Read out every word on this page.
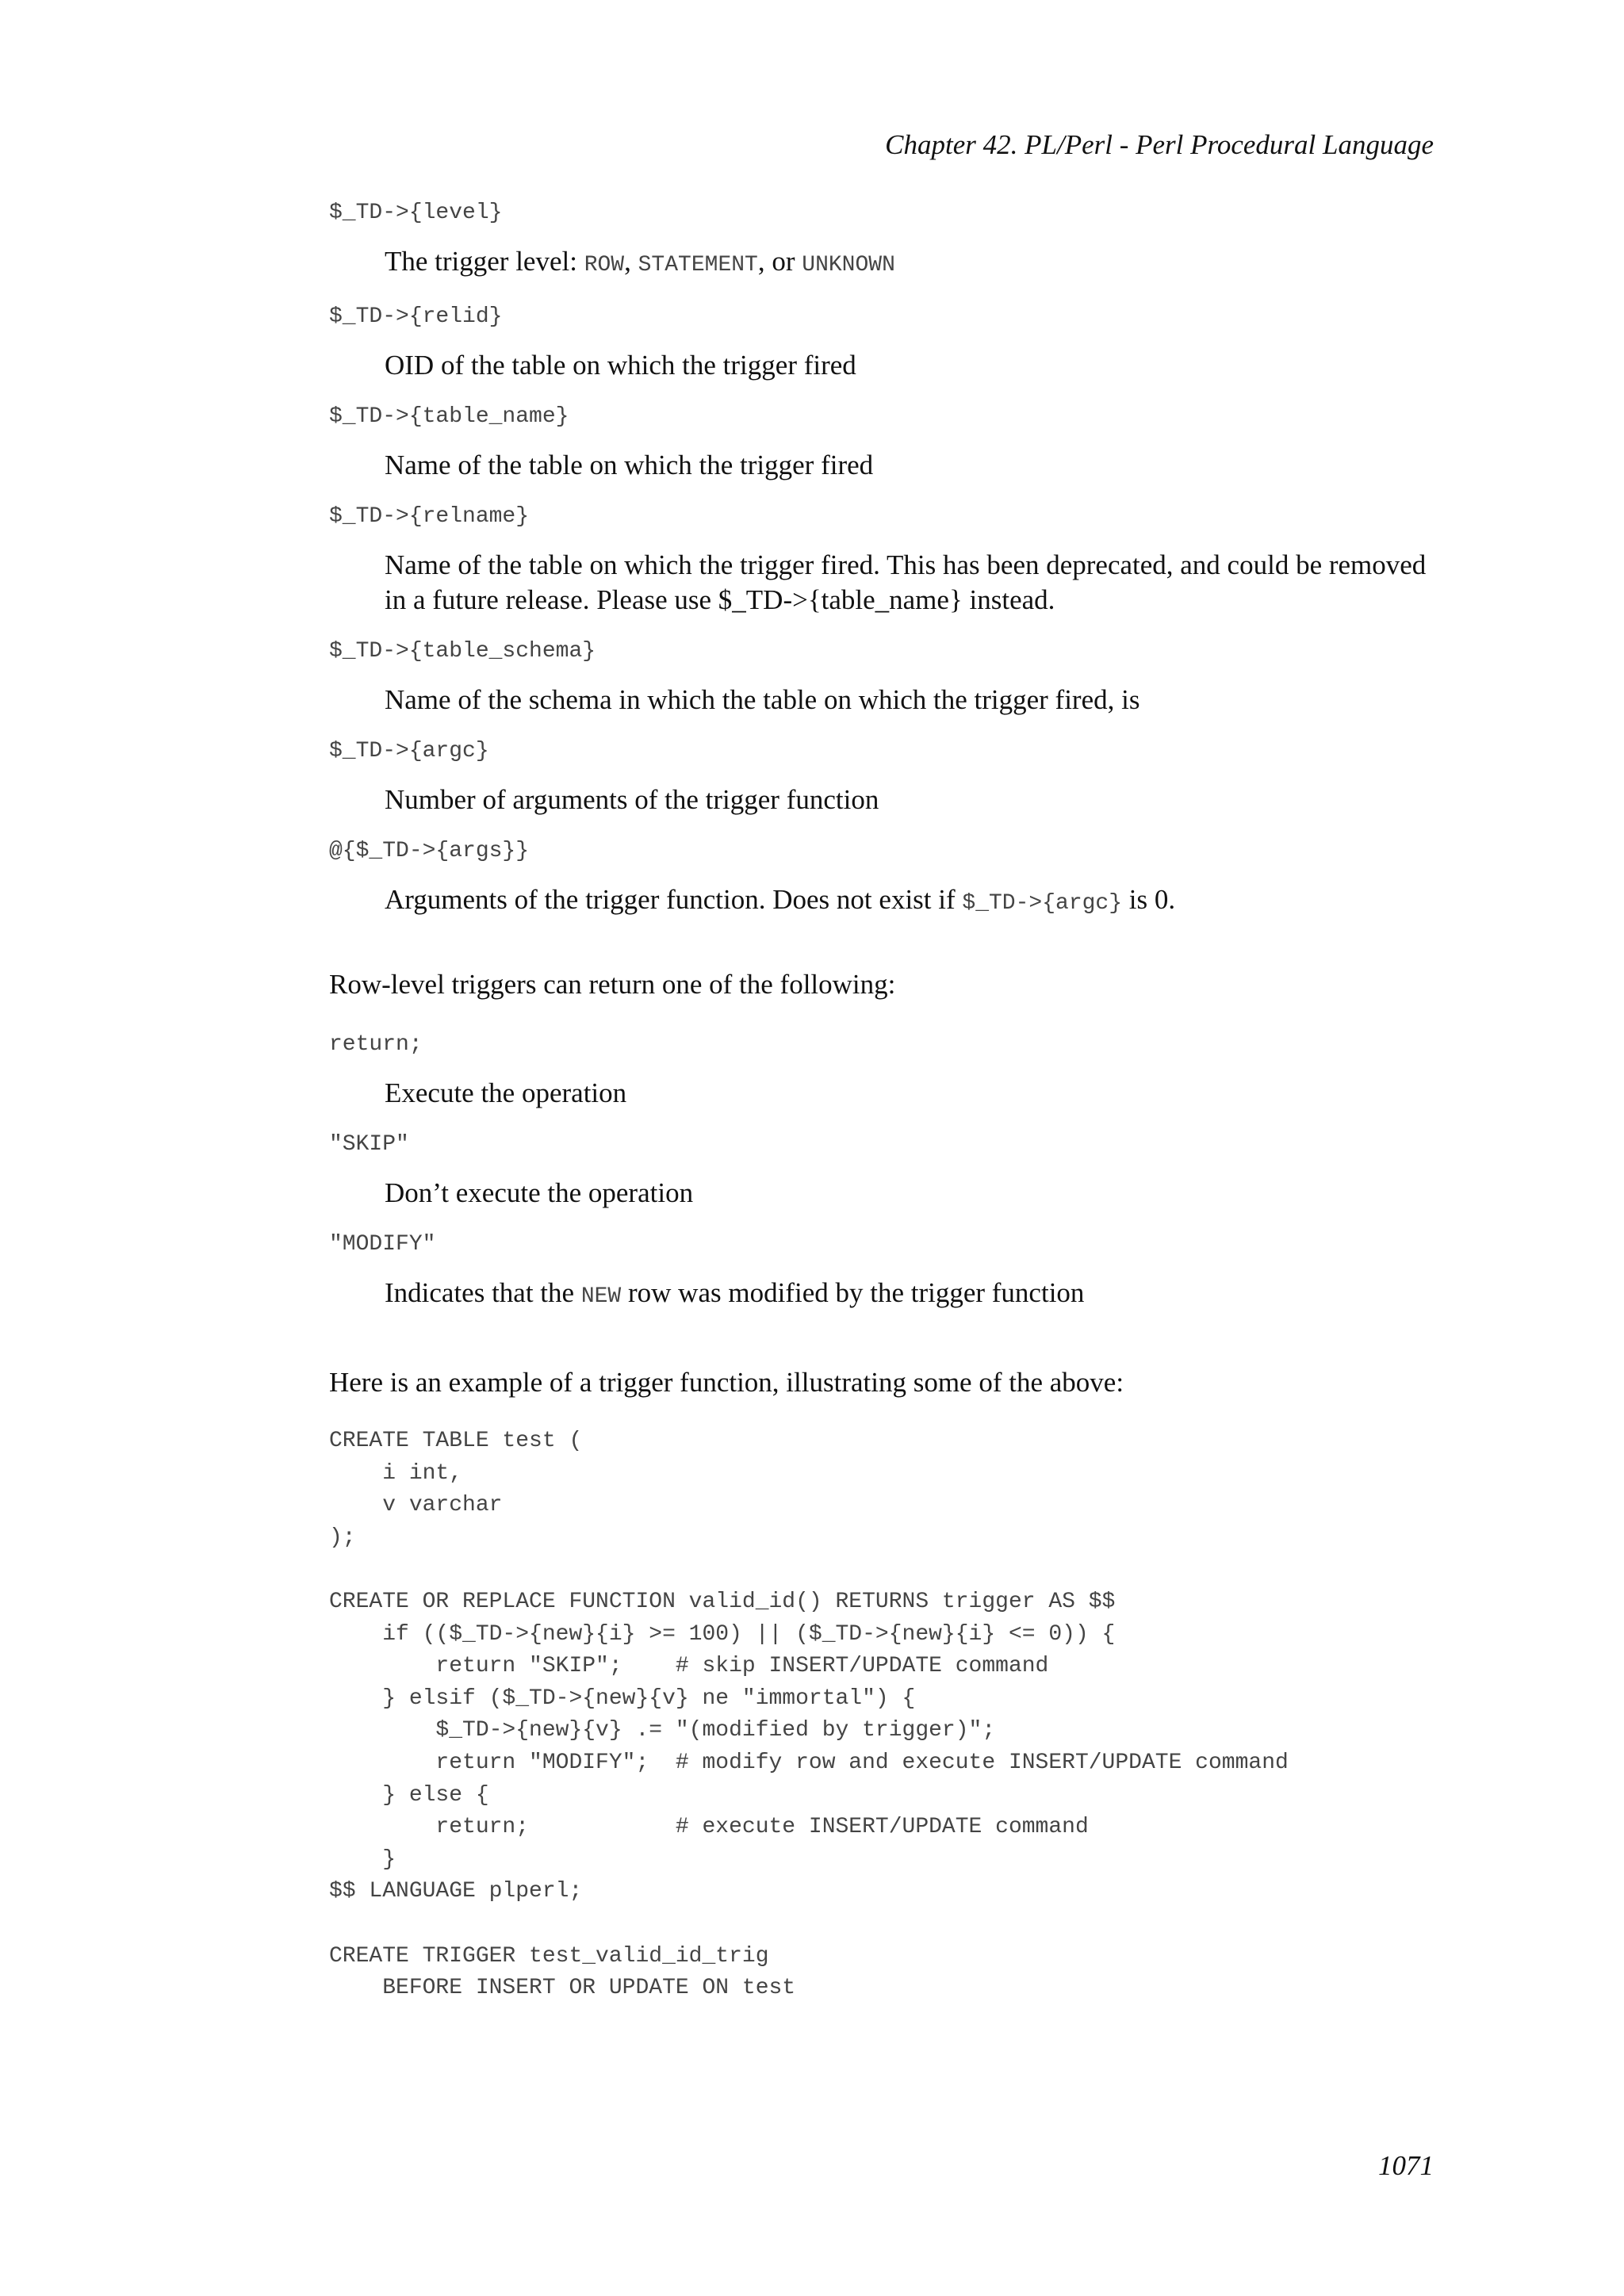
Chapter 42. PL/Perl - Perl Procedural Language
$_TD->{level}
The trigger level: ROW, STATEMENT, or UNKNOWN
$_TD->{relid}
OID of the table on which the trigger fired
$_TD->{table_name}
Name of the table on which the trigger fired
$_TD->{relname}
Name of the table on which the trigger fired. This has been deprecated, and could be removed in a future release. Please use $_TD->{table_name} instead.
$_TD->{table_schema}
Name of the schema in which the table on which the trigger fired, is
$_TD->{argc}
Number of arguments of the trigger function
@{$_TD->{args}}
Arguments of the trigger function. Does not exist if $_TD->{argc} is 0.
Row-level triggers can return one of the following:
return;
Execute the operation
"SKIP"
Don’t execute the operation
"MODIFY"
Indicates that the NEW row was modified by the trigger function
Here is an example of a trigger function, illustrating some of the above:
CREATE TABLE test (
i int,
v varchar
);

CREATE OR REPLACE FUNCTION valid_id() RETURNS trigger AS $$
if (($_TD->{new}{i} >= 100) || ($_TD->{new}{i} <= 0)) {
return "SKIP";    # skip INSERT/UPDATE command
} elsif ($_TD->{new}{v} ne "immortal") {
$_TD->{new}{v} .= "(modified by trigger)";
return "MODIFY";  # modify row and execute INSERT/UPDATE command
} else {
return;           # execute INSERT/UPDATE command
}
$$ LANGUAGE plperl;

CREATE TRIGGER test_valid_id_trig
BEFORE INSERT OR UPDATE ON test
1071
